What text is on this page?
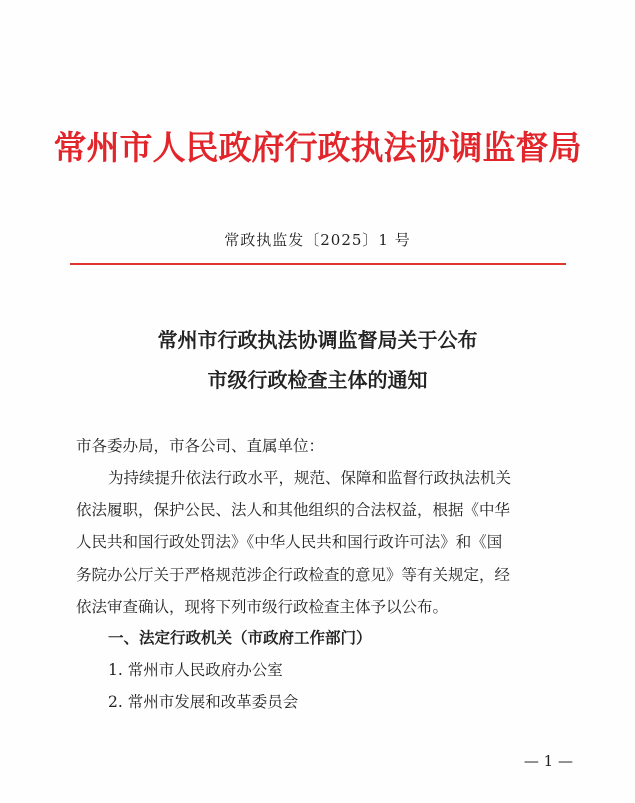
常州市人民政府行政执法协调监督局
常政执监发〔2025〕1 号
常州市行政执法协调监督局关于公布
市级行政检查主体的通知
市各委办局，市各公司、直属单位：
为持续提升依法行政水平，规范、保障和监督行政执法机关
依法履职，保护公民、法人和其他组织的合法权益，根据《中华
人民共和国行政处罚法》《中华人民共和国行政许可法》和《国
务院办公厅关于严格规范涉企行政检查的意见》等有关规定，经
依法审查确认，现将下列市级行政检查主体予以公布。
一、法定行政机关（市政府工作部门）
1. 常州市人民政府办公室
2. 常州市发展和改革委员会
— 1 —
